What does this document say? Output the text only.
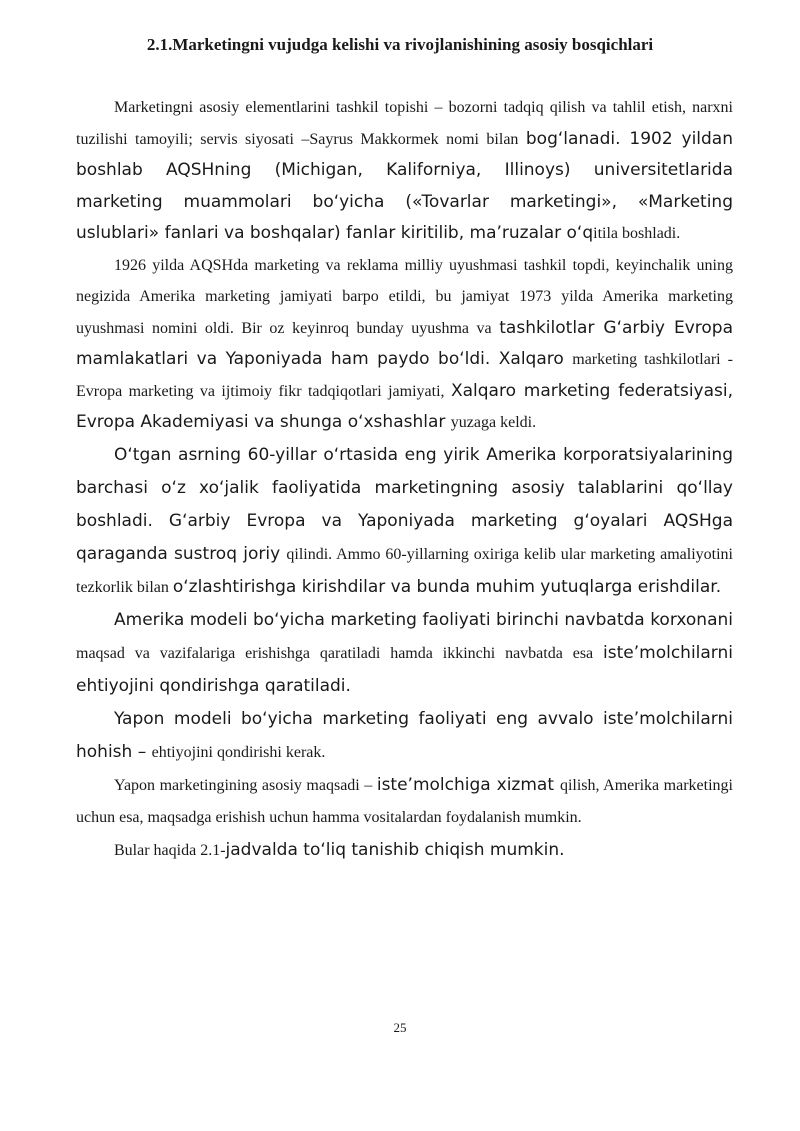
2.1.Marketingni vujudga kelishi va rivojlanishining asosiy bosqichlari

Marketingni asosiy elementlarini tashkil topishi – bozorni tadqiq qilish va tahlil etish, narxni tuzilishi tamoyili; servis siyosati –Sayrus Makkormek nomi bilan bog‘lanadi. 1902 yildan boshlab AQSHning (Michigan, Kaliforniya, Illinoys) universitetlarida marketing muammolari bo‘yicha («Tovarlar marketingi», «Marketing uslublari» fanlari va boshqalar) fanlar kiritilib, ma’ruzalar o‘qitila boshladi.

1926 yilda AQSHda marketing va reklama milliy uyushmasi tashkil topdi, keyinchalik uning negizida Amerika marketing jamiyati barpo etildi, bu jamiyat 1973 yilda Amerika marketing uyushmasi nomini oldi. Bir oz keyinroq bunday uyushma va tashkilotlar G‘arbiy Evropa mamlakatlari va Yaponiyada ham paydo bo‘ldi. Xalqaro marketing tashkilotlari - Evropa marketing va ijtimoiy fikr tadqiqotlari jamiyati, Xalqaro marketing federatsiyasi, Evropa Akademiyasi va shunga o‘xshashlar yuzaga keldi.

O‘tgan asrning 60-yillar o‘rtasida eng yirik Amerika korporatsiyalarining barchasi o‘z xo‘jalik faoliyatida marketingning asosiy talablarini qo‘llay boshladi. G‘arbiy Evropa va Yaponiyada marketing g‘oyalari AQSHga qaraganda sustroq joriy qilindi. Ammo 60-yillarning oxiriga kelib ular marketing amaliyotini tezkorlik bilan o‘zlashtirishga kirishdilar va bunda muhim yutuqlarga erishdilar.

Amerika modeli bo‘yicha marketing faoliyati birinchi navbatda korxonani maqsad va vazifalariga erishishga qaratiladi hamda ikkinchi navbatda esa iste’molchilarni ehtiyojini qondirishga qaratiladi.

Yapon modeli bo‘yicha marketing faoliyati eng avvalo iste’molchilarni hohish – ehtiyojini qondirishi kerak.

Yapon marketingining asosiy maqsadi – iste’molchiga xizmat qilish, Amerika marketingi uchun esa, maqsadga erishish uchun hamma vositalardan foydalanish mumkin.

Bular haqida 2.1-jadvalda to‘liq tanishib chiqish mumkin.

25
